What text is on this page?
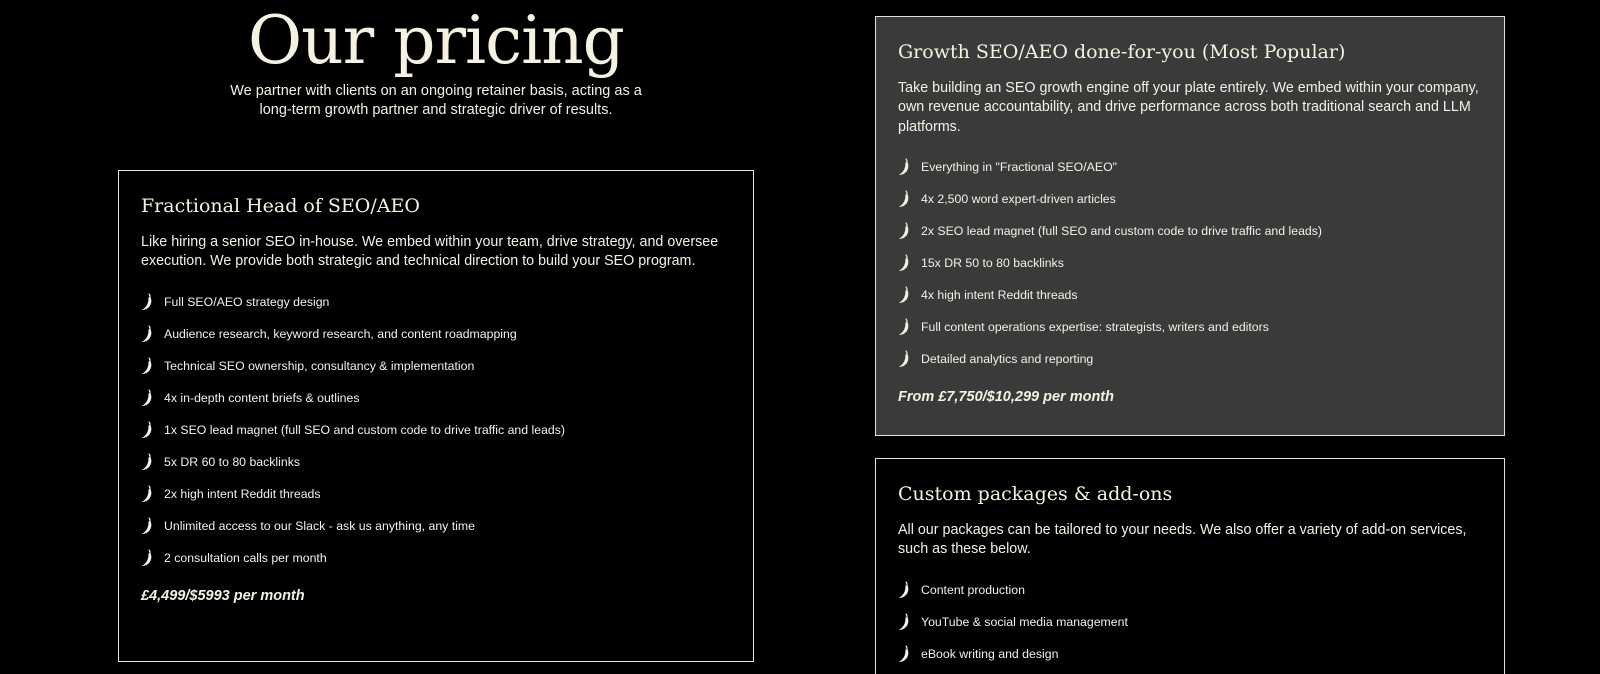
Our pricing

We partner with clients on an ongoing retainer basis, acting as a long-term growth partner and strategic driver of results.

Fractional Head of SEO/AEO

Like hiring a senior SEO in-house. We embed within your team, drive strategy, and oversee execution. We provide both strategic and technical direction to build your SEO program.

Full SEO/AEO strategy design
Audience research, keyword research, and content roadmapping
Technical SEO ownership, consultancy & implementation
4x in-depth content briefs & outlines
1x SEO lead magnet (full SEO and custom code to drive traffic and leads)
5x DR 60 to 80 backlinks
2x high intent Reddit threads
Unlimited access to our Slack - ask us anything, any time
2 consultation calls per month

£4,499/$5993 per month

Growth SEO/AEO done-for-you (Most Popular)

Take building an SEO growth engine off your plate entirely. We embed within your company, own revenue accountability, and drive performance across both traditional search and LLM platforms.

Everything in "Fractional SEO/AEO"
4x 2,500 word expert-driven articles
2x SEO lead magnet (full SEO and custom code to drive traffic and leads)
15x DR 50 to 80 backlinks
4x high intent Reddit threads
Full content operations expertise: strategists, writers and editors
Detailed analytics and reporting

From £7,750/$10,299 per month

Custom packages & add-ons

All our packages can be tailored to your needs. We also offer a variety of add-on services, such as these below.

Content production
YouTube & social media management
eBook writing and design
